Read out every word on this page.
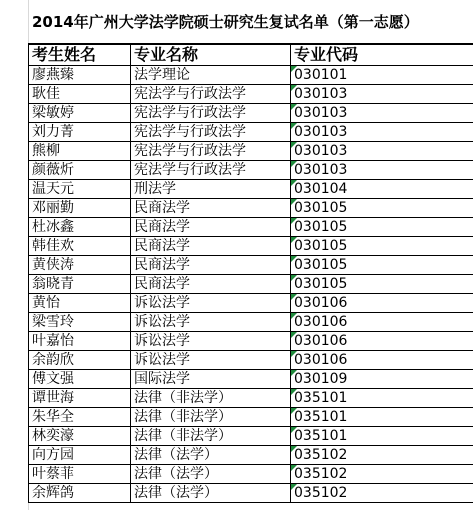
2014年广州大学法学院硕士研究生复试名单（第一志愿）
考生姓名	专业名称	专业代码
廖燕臻	法学理论	030101
耿佳	宪法学与行政法学	030103
梁敏婷	宪法学与行政法学	030103
刘力菁	宪法学与行政法学	030103
熊柳	宪法学与行政法学	030103
颜薇炘	宪法学与行政法学	030103
温天元	刑法学	030104
邓丽勤	民商法学	030105
杜冰鑫	民商法学	030105
韩佳欢	民商法学	030105
黄侠涛	民商法学	030105
翁晓青	民商法学	030105
黄怡	诉讼法学	030106
梁雪玲	诉讼法学	030106
叶嘉怡	诉讼法学	030106
余韵欣	诉讼法学	030106
傅文强	国际法学	030109
谭世海	法律（非法学）	035101
朱华全	法律（非法学）	035101
林奕濠	法律（非法学）	035101
向方园	法律（法学）	035102
叶蔡菲	法律（法学）	035102
余辉鸽	法律（法学）	035102
